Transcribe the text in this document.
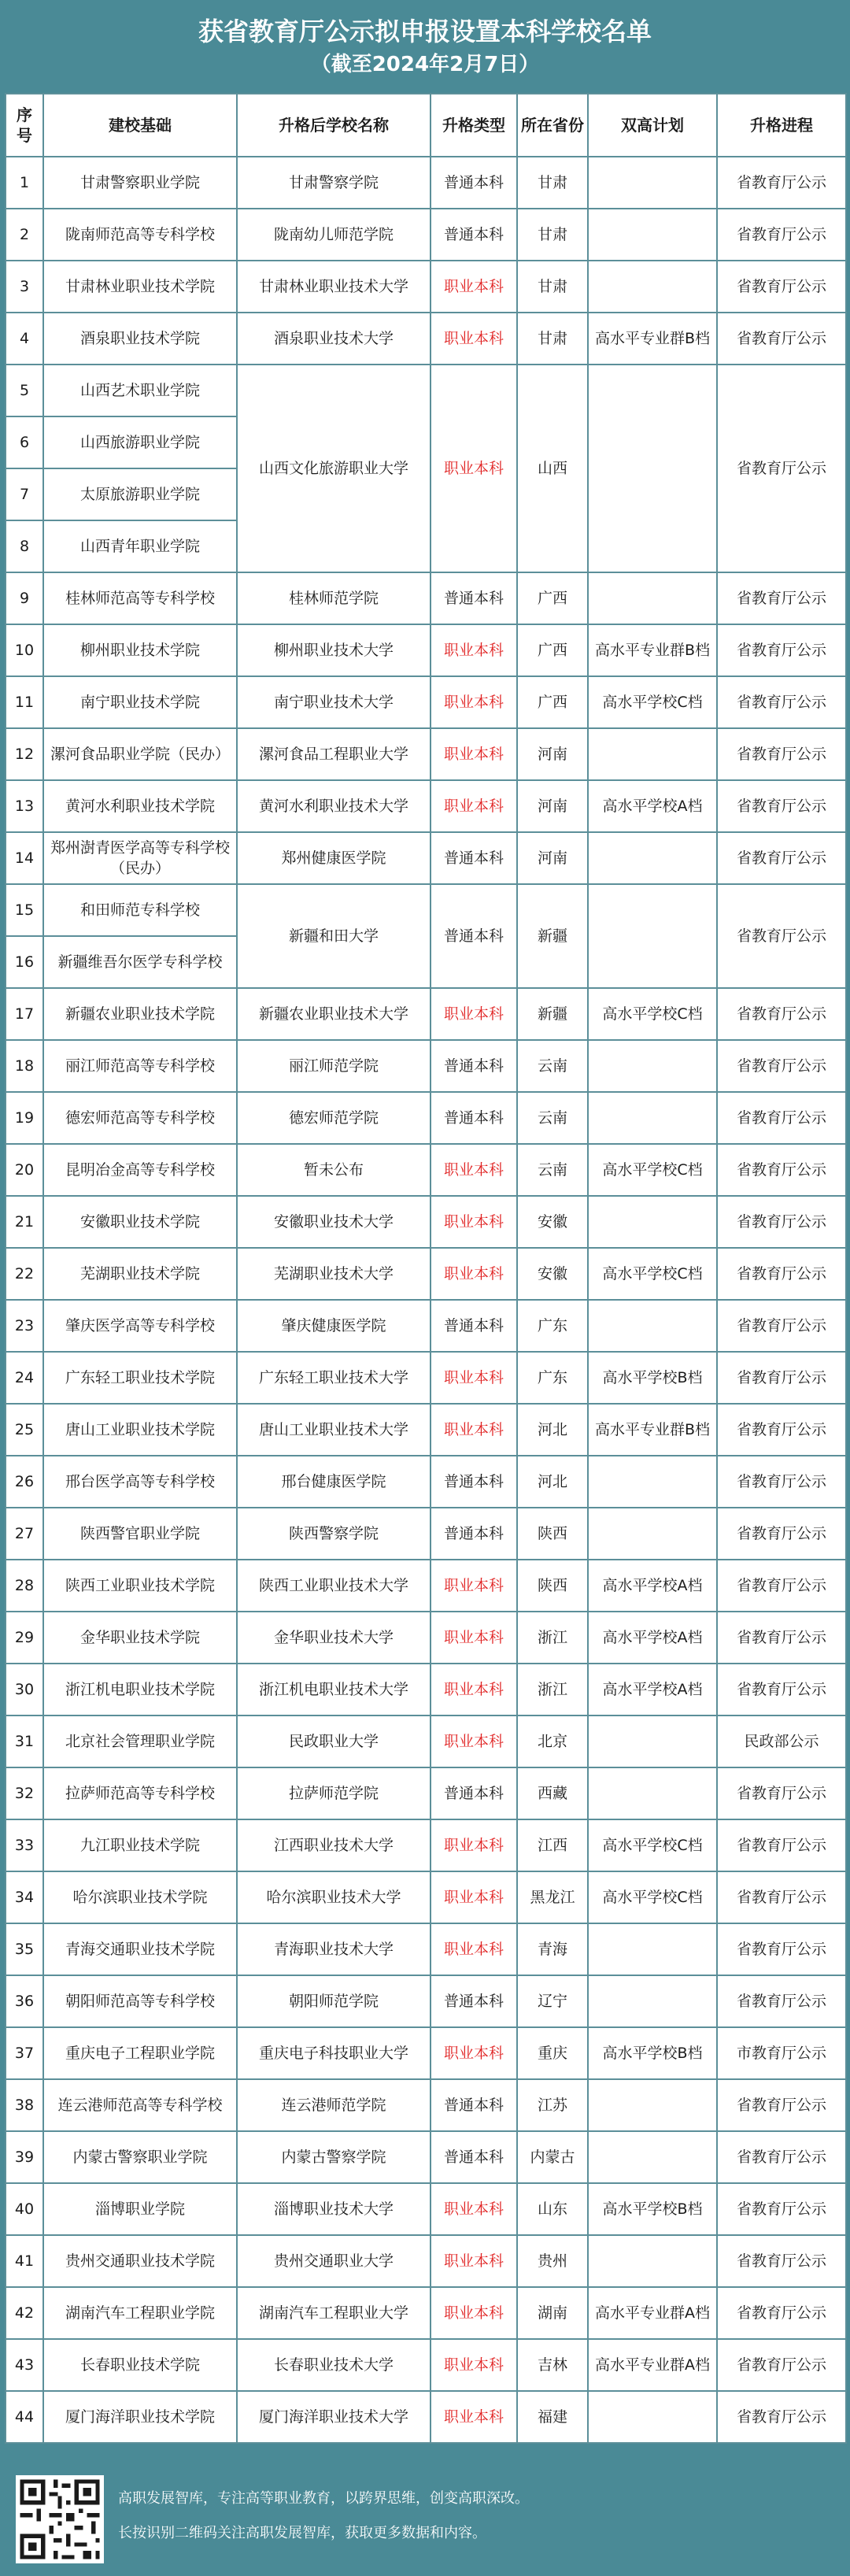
获省教育厅公示拟申报设置本科学校名单
（截至2024年2月7日）
序号	建校基础	升格后学校名称	升格类型	所在省份	双高计划	升格进程
1	甘肃警察职业学院	甘肃警察学院	普通本科	甘肃		省教育厅公示
2	陇南师范高等专科学校	陇南幼儿师范学院	普通本科	甘肃		省教育厅公示
3	甘肃林业职业技术学院	甘肃林业职业技术大学	职业本科	甘肃		省教育厅公示
4	酒泉职业技术学院	酒泉职业技术大学	职业本科	甘肃	高水平专业群B档	省教育厅公示
5	山西艺术职业学院	山西文化旅游职业大学	职业本科	山西		省教育厅公示
6	山西旅游职业学院					
7	太原旅游职业学院					
8	山西青年职业学院					
9	桂林师范高等专科学校	桂林师范学院	普通本科	广西		省教育厅公示
10	柳州职业技术学院	柳州职业技术大学	职业本科	广西	高水平专业群B档	省教育厅公示
11	南宁职业技术学院	南宁职业技术大学	职业本科	广西	高水平学校C档	省教育厅公示
12	漯河食品职业学院（民办）	漯河食品工程职业大学	职业本科	河南		省教育厅公示
13	黄河水利职业技术学院	黄河水利职业技术大学	职业本科	河南	高水平学校A档	省教育厅公示
14	郑州澍青医学高等专科学校（民办）	郑州健康医学院	普通本科	河南		省教育厅公示
15	和田师范专科学校	新疆和田大学	普通本科	新疆		省教育厅公示
16	新疆维吾尔医学专科学校					
17	新疆农业职业技术学院	新疆农业职业技术大学	职业本科	新疆	高水平学校C档	省教育厅公示
18	丽江师范高等专科学校	丽江师范学院	普通本科	云南		省教育厅公示
19	德宏师范高等专科学校	德宏师范学院	普通本科	云南		省教育厅公示
20	昆明冶金高等专科学校	暂未公布	职业本科	云南	高水平学校C档	省教育厅公示
21	安徽职业技术学院	安徽职业技术大学	职业本科	安徽		省教育厅公示
22	芜湖职业技术学院	芜湖职业技术大学	职业本科	安徽	高水平学校C档	省教育厅公示
23	肇庆医学高等专科学校	肇庆健康医学院	普通本科	广东		省教育厅公示
24	广东轻工职业技术学院	广东轻工职业技术大学	职业本科	广东	高水平学校B档	省教育厅公示
25	唐山工业职业技术学院	唐山工业职业技术大学	职业本科	河北	高水平专业群B档	省教育厅公示
26	邢台医学高等专科学校	邢台健康医学院	普通本科	河北		省教育厅公示
27	陕西警官职业学院	陕西警察学院	普通本科	陕西		省教育厅公示
28	陕西工业职业技术学院	陕西工业职业技术大学	职业本科	陕西	高水平学校A档	省教育厅公示
29	金华职业技术学院	金华职业技术大学	职业本科	浙江	高水平学校A档	省教育厅公示
30	浙江机电职业技术学院	浙江机电职业技术大学	职业本科	浙江	高水平学校A档	省教育厅公示
31	北京社会管理职业学院	民政职业大学	职业本科	北京		民政部公示
32	拉萨师范高等专科学校	拉萨师范学院	普通本科	西藏		省教育厅公示
33	九江职业技术学院	江西职业技术大学	职业本科	江西	高水平学校C档	省教育厅公示
34	哈尔滨职业技术学院	哈尔滨职业技术大学	职业本科	黑龙江	高水平学校C档	省教育厅公示
35	青海交通职业技术学院	青海职业技术大学	职业本科	青海		省教育厅公示
36	朝阳师范高等专科学校	朝阳师范学院	普通本科	辽宁		省教育厅公示
37	重庆电子工程职业学院	重庆电子科技职业大学	职业本科	重庆	高水平学校B档	市教育厅公示
38	连云港师范高等专科学校	连云港师范学院	普通本科	江苏		省教育厅公示
39	内蒙古警察职业学院	内蒙古警察学院	普通本科	内蒙古		省教育厅公示
40	淄博职业学院	淄博职业技术大学	职业本科	山东	高水平学校B档	省教育厅公示
41	贵州交通职业技术学院	贵州交通职业大学	职业本科	贵州		省教育厅公示
42	湖南汽车工程职业学院	湖南汽车工程职业大学	职业本科	湖南	高水平专业群A档	省教育厅公示
43	长春职业技术学院	长春职业技术大学	职业本科	吉林	高水平专业群A档	省教育厅公示
44	厦门海洋职业技术学院	厦门海洋职业技术大学	职业本科	福建		省教育厅公示
高职发展智库，专注高等职业教育，以跨界思维，创变高职深改。
长按识别二维码关注高职发展智库，获取更多数据和内容。
